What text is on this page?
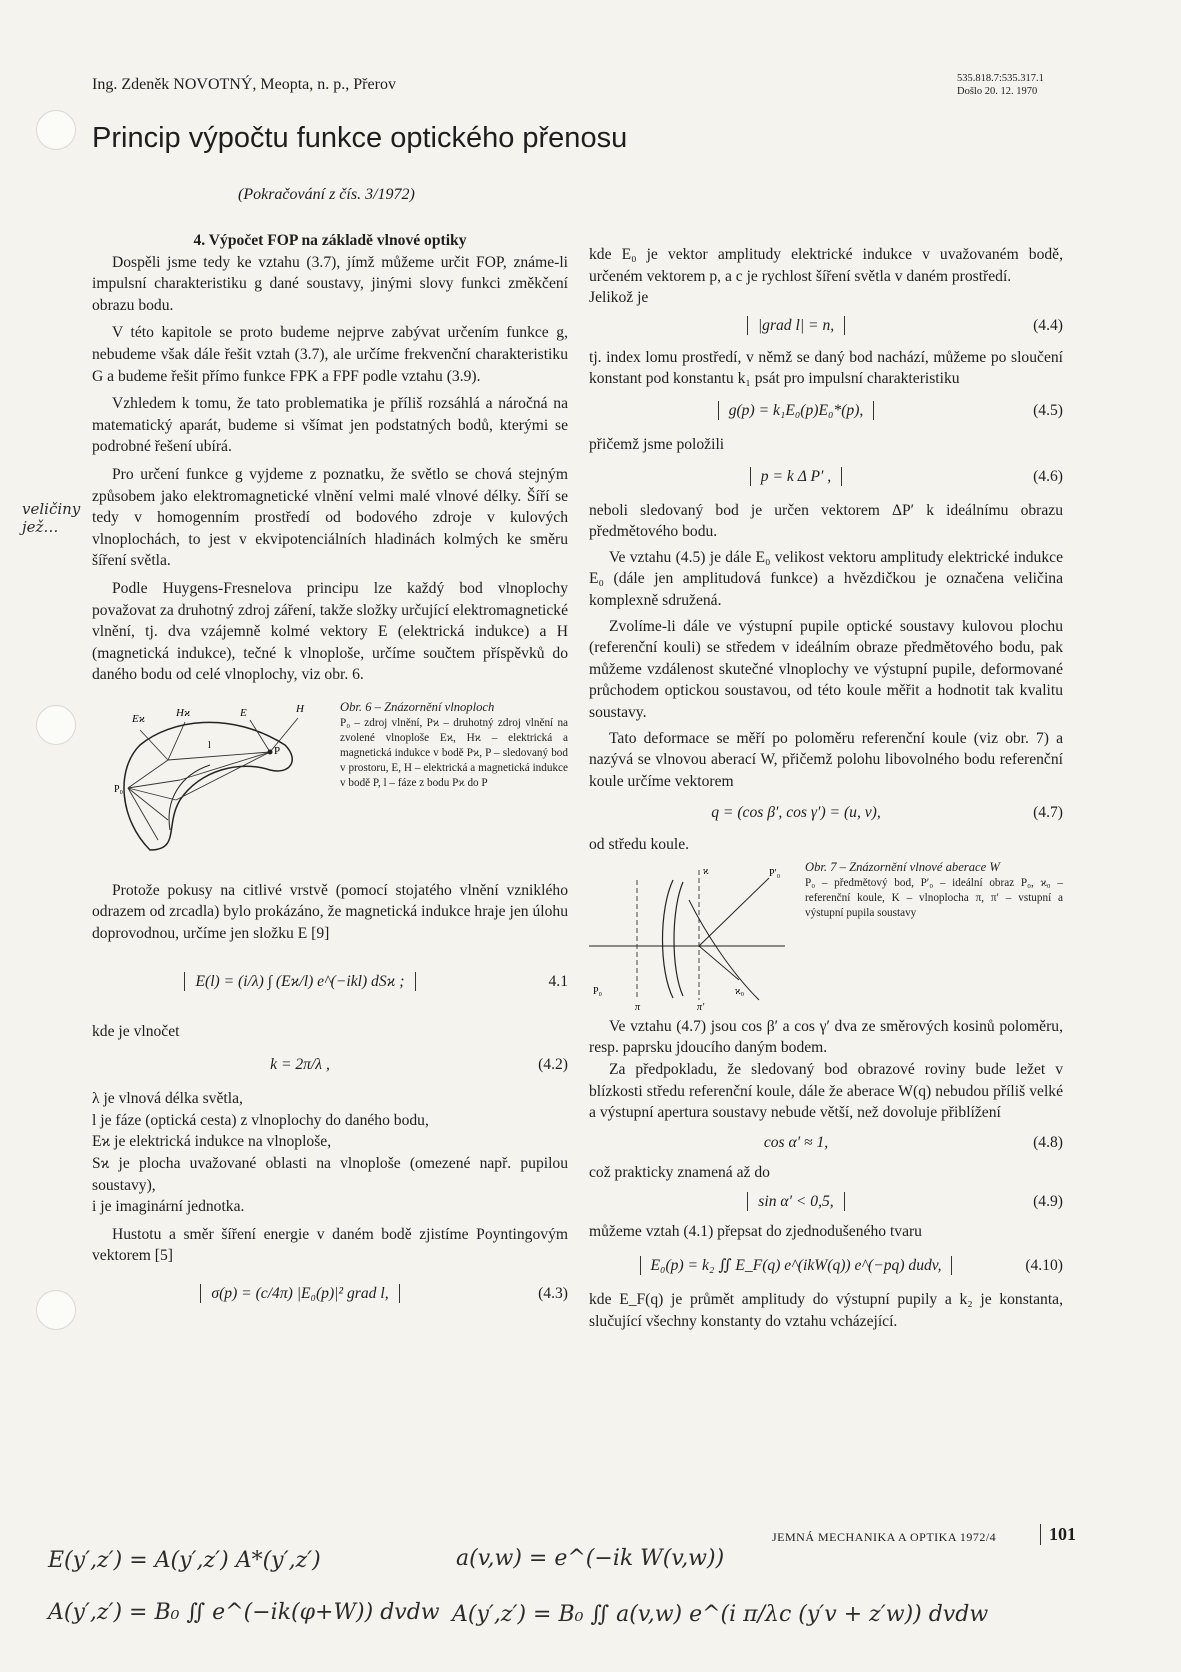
Ing. Zdeněk NOVOTNÝ, Meopta, n. p., Přerov	535.818.7:535.317.1
Došlo 20. 12. 1970
Princip výpočtu funkce optického přenosu
(Pokračování z čís. 3/1972)

4. Výpočet FOP na základě vlnové optiky

Dospěli jsme tedy ke vztahu (3.7), jímž můžeme určit FOP, známe-li impulsní charakteristiku g dané soustavy, jinými slovy funkci změkčení obrazu bodu.

V této kapitole se proto budeme nejprve zabývat určením funkce g, nebudeme však dále řešit vztah (3.7), ale určíme frekvenční charakteristiku G a budeme řešit přímo funkce FPK a FPF podle vztahu (3.9).

Vzhledem k tomu, že tato problematika je příliš rozsáhlá a náročná na matematický aparát, budeme si všímat jen podstatných bodů, kterými se podrobné řešení ubírá.

Pro určení funkce g vyjdeme z poznatku, že světlo se chová stejným způsobem jako elektromagnetické vlnění velmi malé vlnové délky. Šíří se tedy v homogenním prostředí od bodového zdroje v kulových vlnoplochách, to jest v ekvipotenciálních hladinách kolmých ke směru šíření světla.

Podle Huygens-Fresnelova principu lze každý bod vlnoplochy považovat za druhotný zdroj záření, takže složky určující elektromagnetické vlnění, tj. dva vzájemně kolmé vektory E (elektrická indukce) a H (magnetická indukce), tečné k vlnoploše, určíme součtem příspěvků do daného bodu od celé vlnoplochy, viz obr. 6.

Eϰ	Hϰ	E	H
P
l
P₀
Obr. 6 – Znázornění vlnoploch
P₀ – zdroj vlnění, Pϰ – druhotný zdroj vlnění na zvolené vlnoploše Eϰ, Hϰ – elektrická a magnetická indukce v bodě Pϰ, P – sledovaný bod v prostoru, E, H – elektrická a magnetická indukce v bodě P, l – fáze z bodu Pϰ do P

Protože pokusy na citlivé vrstvě (pomocí stojatého vlnění vzniklého odrazem od zrcadla) bylo prokázáno, že magnetická indukce hraje jen úlohu doprovodnou, určíme jen složku E [9]

E(l) = (i/λ) ∫ (Eϰ/l) e^(−ikl) dSϰ ;	4.1

kde je vlnočet

k = 2π/λ ,	(4.2)

λ je vlnová délka světla,

l je fáze (optická cesta) z vlnoplochy do daného bodu,

Eϰ je elektrická indukce na vlnoploše,

Sϰ je plocha uvažované oblasti na vlnoploše (omezené např. pupilou soustavy),

i je imaginární jednotka.

Hustotu a směr šíření energie v daném bodě zjistíme Poyntingovým vektorem [5]

σ(p) = (c/4π) |E₀(p)|² grad l,	(4.3)

kde E₀ je vektor amplitudy elektrické indukce v uvažovaném bodě, určeném vektorem p, a c je rychlost šíření světla v daném prostředí.

Jelikož je

|grad l| = n,	(4.4)

tj. index lomu prostředí, v němž se daný bod nachází, můžeme po sloučení konstant pod konstantu k₁ psát pro impulsní charakteristiku

g(p) = k₁E₀(p)E₀*(p),	(4.5)

přičemž jsme položili

p = k Δ P′ ,	(4.6)

neboli sledovaný bod je určen vektorem ΔP′ k ideálnímu obrazu předmětového bodu.

Ve vztahu (4.5) je dále E₀ velikost vektoru amplitudy elektrické indukce E₀ (dále jen amplitudová funkce) a hvězdičkou je označena veličina komplexně sdružená.

Zvolíme-li dále ve výstupní pupile optické soustavy kulovou plochu (referenční kouli) se středem v ideálním obraze předmětového bodu, pak můžeme vzdálenost skutečné vlnoplochy ve výstupní pupile, deformované průchodem optickou soustavou, od této koule měřit a hodnotit tak kvalitu soustavy.

Tato deformace se měří po poloměru referenční koule (viz obr. 7) a nazývá se vlnovou aberací W, přičemž polohu libovolného bodu referenční koule určíme vektorem

q = (cos β′, cos γ′) = (u, v),	(4.7)

od středu koule.

P₀
P′₀
π	π′
ϰ
ϰ₀
Obr. 7 – Znázornění vlnové aberace W
P₀ – předmětový bod, P′₀ – ideální obraz P₀, ϰ₀ – referenční koule, K – vlnoplocha π, π′ – vstupní a výstupní pupila soustavy

Ve vztahu (4.7) jsou cos β′ a cos γ′ dva ze směrových kosinů poloměru, resp. paprsku jdoucího daným bodem.

Za předpokladu, že sledovaný bod obrazové roviny bude ležet v blízkosti středu referenční koule, dále že aberace W(q) nebudou příliš velké a výstupní apertura soustavy nebude větší, než dovoluje přiblížení

cos α′ ≈ 1,	(4.8)

což prakticky znamená až do

sin α′ < 0,5,	(4.9)

můžeme vztah (4.1) přepsat do zjednodušeného tvaru

E₀(p) = k₂ ∬ E_F(q) e^(ikW(q)) e^(−pq) dudv,	(4.10)

kde E_F(q) je průmět amplitudy do výstupní pupily a k₂ je konstanta, slučující všechny konstanty do vztahu vcházející.

JEMNÁ MECHANIKA A OPTIKA 1972/4	101
veličiny jež…
E(y′,z′) = A(y′,z′) A*(y′,z′)
A(y′,z′) = B₀ ∬ e^(−ik(φ+W)) dvdw
a(v,w) = e^(−ik W(v,w))
A(y′,z′) = B₀ ∬ a(v,w) e^(i π/λc (y′v + z′w)) dvdw
